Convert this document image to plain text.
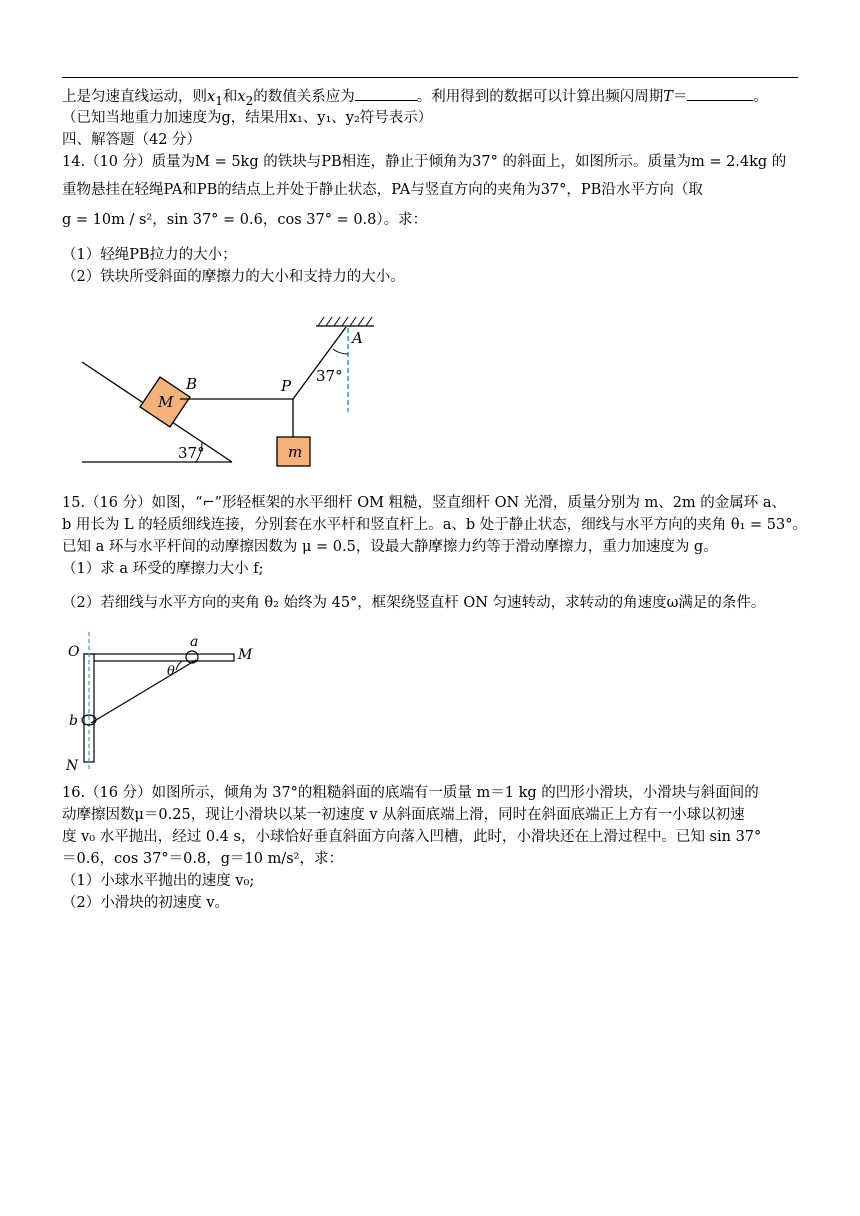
上是匀速直线运动，则$x_1$和$x_2$的数值关系应为	。利用得到的数据可以计算出频闪周期T＝	。
（已知当地重力加速度为g，结果用x₁、y₁、y₂符号表示）
四、解答题（42 分）
14.（10 分）质量为M = 5kg 的铁块与PB相连，静止于倾角为37° 的斜面上，如图所示。质量为m = 2.4kg 的
重物悬挂在轻绳PA和PB的结点上并处于静止状态，PA与竖直方向的夹角为37°，PB沿水平方向（取
g = 10m / s²，sin 37° = 0.6，cos 37° = 0.8）。求：
（1）轻绳PB拉力的大小；
（2）铁块所受斜面的摩擦力的大小和支持力的大小。
37°
M
B	P
A
37°
m
15.（16 分）如图，“⌐”形轻框架的水平细杆 OM 粗糙，竖直细杆 ON 光滑，质量分别为 m、2m 的金属环 a、
b 用长为 L 的轻质细线连接，分别套在水平杆和竖直杆上。a、b 处于静止状态，细线与水平方向的夹角 θ₁ = 53°。
已知 a 环与水平杆间的动摩擦因数为 μ = 0.5，设最大静摩擦力约等于滑动摩擦力，重力加速度为 g。
（1）求 a 环受的摩擦力大小 f;
（2）若细线与水平方向的夹角 θ₂ 始终为 45°，框架绕竖直杆 ON 匀速转动，求转动的角速度ω满足的条件。
O	M
a
θ
b
N
16.（16 分）如图所示，倾角为 37°的粗糙斜面的底端有一质量 m＝1 kg 的凹形小滑块，小滑块与斜面间的
动摩擦因数μ＝0.25，现让小滑块以某一初速度 v 从斜面底端上滑，同时在斜面底端正上方有一小球以初速
度 v₀ 水平抛出，经过 0.4 s，小球恰好垂直斜面方向落入凹槽，此时，小滑块还在上滑过程中。已知 sin 37°
＝0.6，cos 37°＝0.8，g＝10 m/s²，求：
（1）小球水平抛出的速度 v₀;
（2）小滑块的初速度 v。
